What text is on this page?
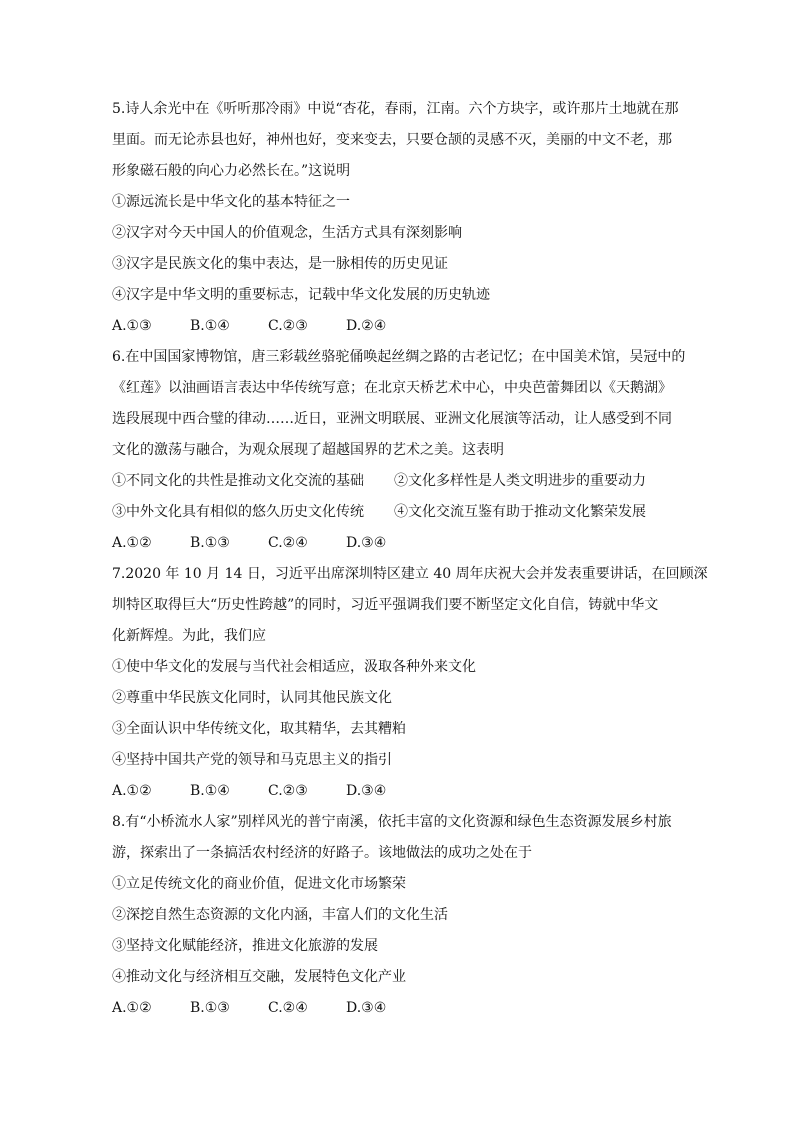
5.诗人余光中在《听听那冷雨》中说“杏花，春雨，江南。六个方块字，或许那片土地就在那
里面。而无论赤县也好，神州也好，变来变去，只要仓颉的灵感不灭，美丽的中文不老，那
形象磁石般的向心力必然长在。”这说明
①源远流长是中华文化的基本特征之一
②汉字对今天中国人的价值观念，生活方式具有深刻影响
③汉字是民族文化的集中表达，是一脉相传的历史见证
④汉字是中华文明的重要标志，记载中华文化发展的历史轨迹
A.①③	B.①④	C.②③	D.②④
6.在中国国家博物馆，唐三彩载丝骆驼俑唤起丝绸之路的古老记忆；在中国美术馆，吴冠中的
《红莲》以油画语言表达中华传统写意；在北京天桥艺术中心，中央芭蕾舞团以《天鹅湖》
选段展现中西合璧的律动……近日，亚洲文明联展、亚洲文化展演等活动，让人感受到不同
文化的激荡与融合，为观众展现了超越国界的艺术之美。这表明
①不同文化的共性是推动文化交流的基础 ②文化多样性是人类文明进步的重要动力
③中外文化具有相似的悠久历史文化传统 ④文化交流互鉴有助于推动文化繁荣发展
A.①②	B.①③	C.②④	D.③④
7.2020 年 10 月 14 日，习近平出席深圳特区建立 40 周年庆祝大会并发表重要讲话，在回顾深
圳特区取得巨大“历史性跨越”的同时，习近平强调我们要不断坚定文化自信，铸就中华文
化新辉煌。为此，我们应
①使中华文化的发展与当代社会相适应，汲取各种外来文化
②尊重中华民族文化同时，认同其他民族文化
③全面认识中华传统文化，取其精华，去其糟粕
④坚持中国共产党的领导和马克思主义的指引
A.①②	B.①④	C.②③	D.③④
8.有“小桥流水人家”别样风光的普宁南溪，依托丰富的文化资源和绿色生态资源发展乡村旅
游，探索出了一条搞活农村经济的好路子。该地做法的成功之处在于
①立足传统文化的商业价值，促进文化市场繁荣
②深挖自然生态资源的文化内涵，丰富人们的文化生活
③坚持文化赋能经济，推进文化旅游的发展
④推动文化与经济相互交融，发展特色文化产业
A.①②	B.①③	C.②④	D.③④
